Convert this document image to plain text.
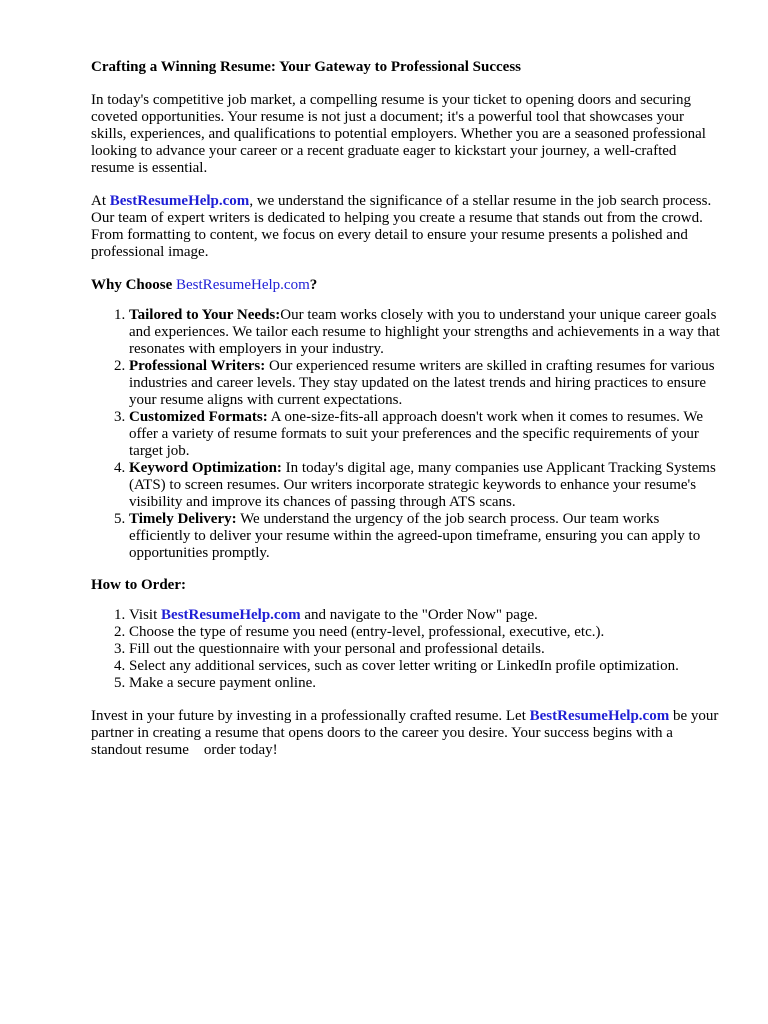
Crafting a Winning Resume: Your Gateway to Professional Success

In today's competitive job market, a compelling resume is your ticket to opening doors and securing coveted opportunities. Your resume is not just a document; it's a powerful tool that showcases your skills, experiences, and qualifications to potential employers. Whether you are a seasoned professional looking to advance your career or a recent graduate eager to kickstart your journey, a well-crafted resume is essential.

At BestResumeHelp.com, we understand the significance of a stellar resume in the job search process. Our team of expert writers is dedicated to helping you create a resume that stands out from the crowd. From formatting to content, we focus on every detail to ensure your resume presents a polished and professional image.

Why Choose BestResumeHelp.com?
1. Tailored to Your Needs:Our team works closely with you to understand your unique career goals and experiences. We tailor each resume to highlight your strengths and achievements in a way that resonates with employers in your industry.
2. Professional Writers: Our experienced resume writers are skilled in crafting resumes for various industries and career levels. They stay updated on the latest trends and hiring practices to ensure your resume aligns with current expectations.
3. Customized Formats: A one-size-fits-all approach doesn't work when it comes to resumes. We offer a variety of resume formats to suit your preferences and the specific requirements of your target job.
4. Keyword Optimization: In today's digital age, many companies use Applicant Tracking Systems (ATS) to screen resumes. Our writers incorporate strategic keywords to enhance your resume's visibility and improve its chances of passing through ATS scans.
5. Timely Delivery: We understand the urgency of the job search process. Our team works efficiently to deliver your resume within the agreed-upon timeframe, ensuring you can apply to opportunities promptly.
How to Order:
1. Visit BestResumeHelp.com and navigate to the "Order Now" page.
2. Choose the type of resume you need (entry-level, professional, executive, etc.).
3. Fill out the questionnaire with your personal and professional details.
4. Select any additional services, such as cover letter writing or LinkedIn profile optimization.
5. Make a secure payment online.

Invest in your future by investing in a professionally crafted resume. Let BestResumeHelp.com be your partner in creating a resume that opens doors to the career you desire. Your success begins with a standout resume order today!
